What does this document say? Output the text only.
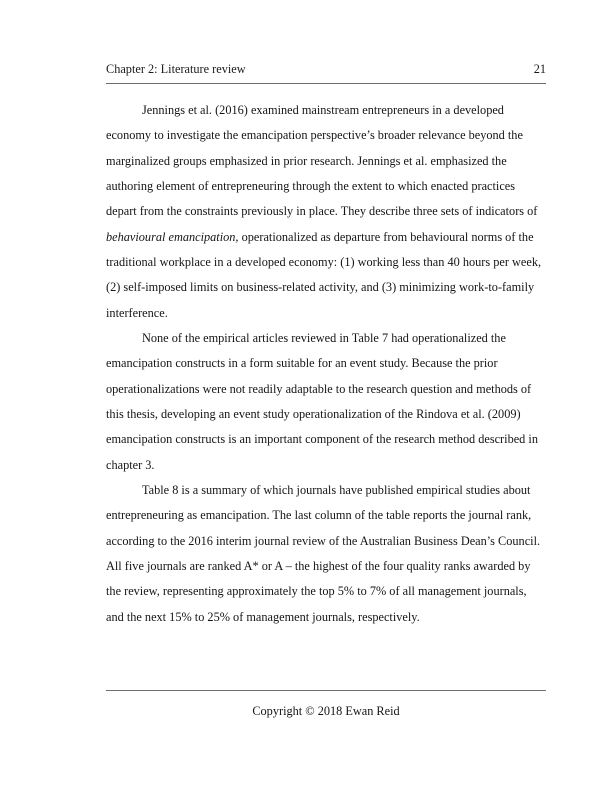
Chapter 2: Literature review	21

Jennings et al. (2016) examined mainstream entrepreneurs in a developed economy to investigate the emancipation perspective’s broader relevance beyond the marginalized groups emphasized in prior research. Jennings et al. emphasized the authoring element of entrepreneuring through the extent to which enacted practices depart from the constraints previously in place. They describe three sets of indicators of behavioural emancipation, operationalized as departure from behavioural norms of the traditional workplace in a developed economy: (1) working less than 40 hours per week, (2) self-imposed limits on business-related activity, and (3) minimizing work-to-family interference.

None of the empirical articles reviewed in Table 7 had operationalized the emancipation constructs in a form suitable for an event study. Because the prior operationalizations were not readily adaptable to the research question and methods of this thesis, developing an event study operationalization of the Rindova et al. (2009) emancipation constructs is an important component of the research method described in chapter 3.

Table 8 is a summary of which journals have published empirical studies about entrepreneuring as emancipation. The last column of the table reports the journal rank, according to the 2016 interim journal review of the Australian Business Dean’s Council. All five journals are ranked A* or A – the highest of the four quality ranks awarded by the review, representing approximately the top 5% to 7% of all management journals, and the next 15% to 25% of management journals, respectively.

Copyright © 2018 Ewan Reid
